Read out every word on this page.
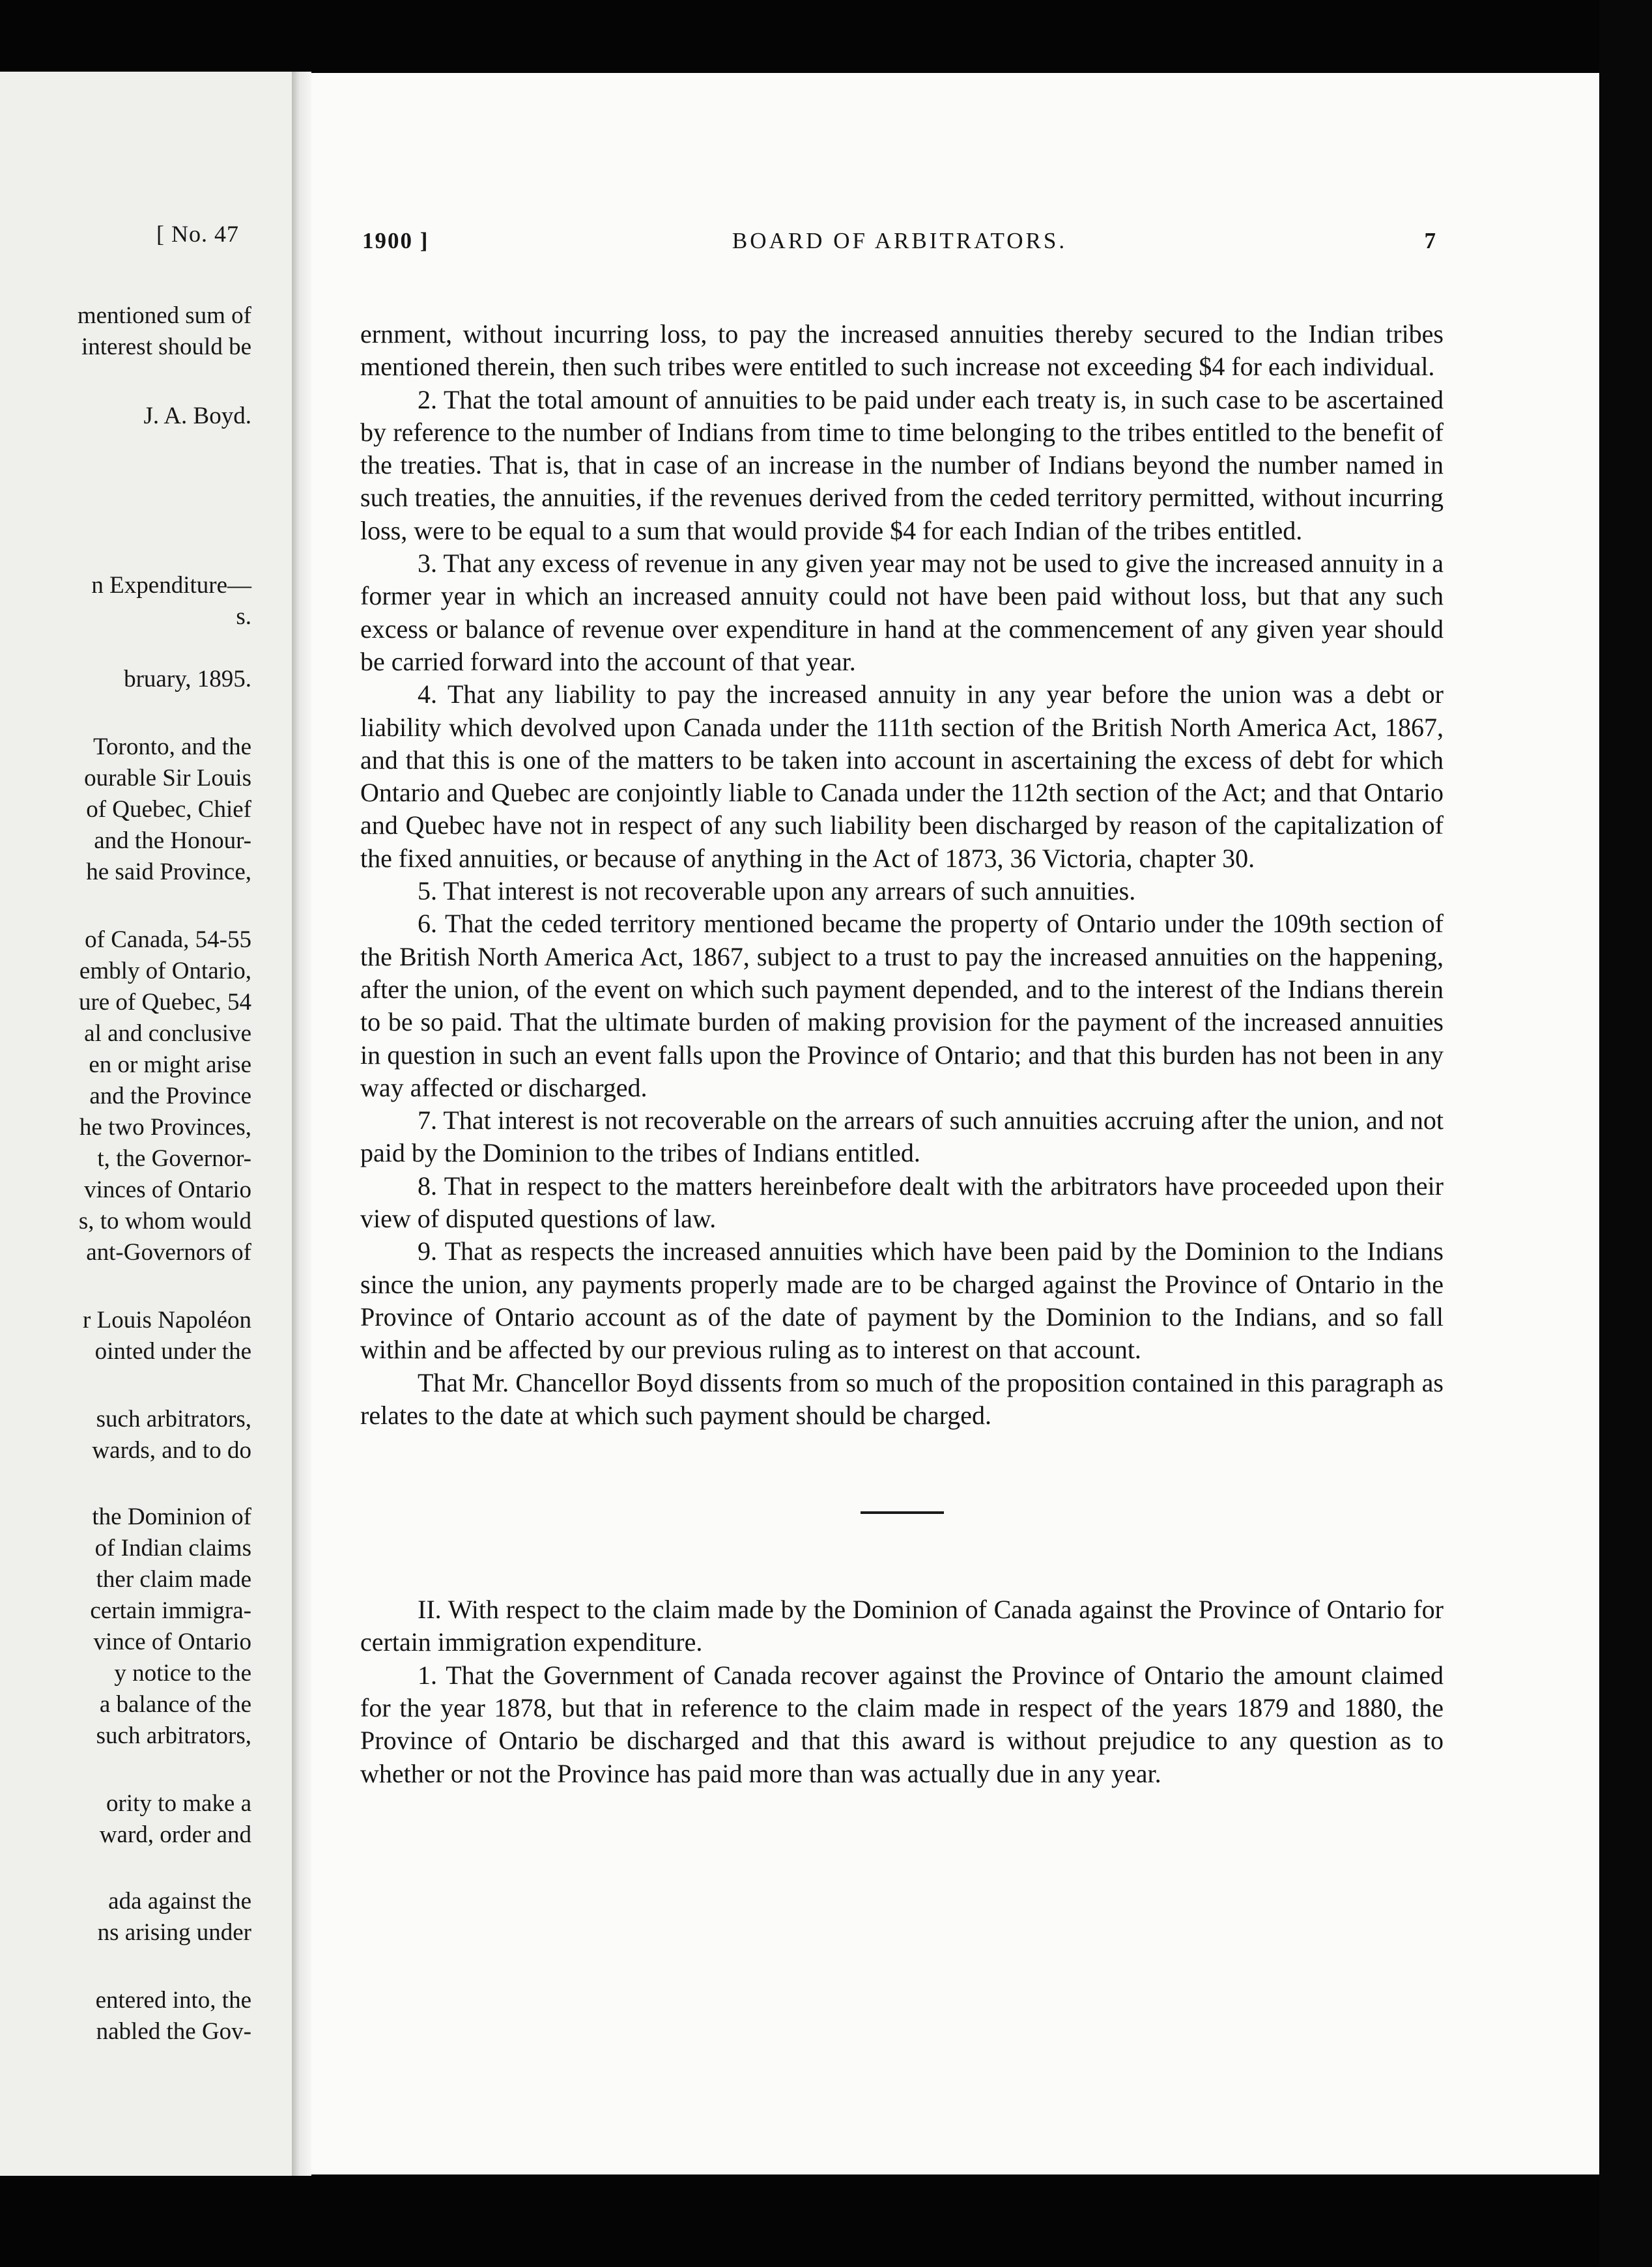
[ No. 47
mentioned sum of
interest should be
J. A. Boyd.
n Expenditure—
s.
bruary, 1895.
Toronto, and the
ourable Sir Louis
of Quebec, Chief
and the Honour-
he said Province,
of Canada, 54-55
embly of Ontario,
ure of Quebec, 54
al and conclusive
en or might arise
and the Province
he two Provinces,
t, the Governor-
vinces of Ontario
s, to whom would
ant-Governors of
r Louis Napoléon
ointed under the
such arbitrators,
wards, and to do
the Dominion of
of Indian claims
ther claim made
certain immigra-
vince of Ontario
y notice to the
a balance of the
such arbitrators,
ority to make a
ward, order and
ada against the
ns arising under
entered into, the
nabled the Gov-
1900 ]	BOARD OF ARBITRATORS.	7

ernment, without incurring loss, to pay the increased annuities thereby secured to the Indian tribes mentioned therein, then such tribes were entitled to such increase not exceeding $4 for each individual.

2. That the total amount of annuities to be paid under each treaty is, in such case to be ascertained by reference to the number of Indians from time to time belonging to the tribes entitled to the benefit of the treaties. That is, that in case of an increase in the number of Indians beyond the number named in such treaties, the annuities, if the revenues derived from the ceded territory permitted, without incurring loss, were to be equal to a sum that would provide $4 for each Indian of the tribes entitled.

3. That any excess of revenue in any given year may not be used to give the increased annuity in a former year in which an increased annuity could not have been paid without loss, but that any such excess or balance of revenue over expenditure in hand at the commencement of any given year should be carried forward into the account of that year.

4. That any liability to pay the increased annuity in any year before the union was a debt or liability which devolved upon Canada under the 111th section of the British North America Act, 1867, and that this is one of the matters to be taken into account in ascertaining the excess of debt for which Ontario and Quebec are conjointly liable to Canada under the 112th section of the Act; and that Ontario and Quebec have not in respect of any such liability been discharged by reason of the capitalization of the fixed annuities, or because of anything in the Act of 1873, 36 Victoria, chapter 30.

5. That interest is not recoverable upon any arrears of such annuities.

6. That the ceded territory mentioned became the property of Ontario under the 109th section of the British North America Act, 1867, subject to a trust to pay the increased annuities on the happening, after the union, of the event on which such payment depended, and to the interest of the Indians therein to be so paid. That the ultimate burden of making provision for the payment of the increased annuities in question in such an event falls upon the Province of Ontario; and that this burden has not been in any way affected or discharged.

7. That interest is not recoverable on the arrears of such annuities accruing after the union, and not paid by the Dominion to the tribes of Indians entitled.

8. That in respect to the matters hereinbefore dealt with the arbitrators have proceeded upon their view of disputed questions of law.

9. That as respects the increased annuities which have been paid by the Dominion to the Indians since the union, any payments properly made are to be charged against the Province of Ontario in the Province of Ontario account as of the date of payment by the Dominion to the Indians, and so fall within and be affected by our previous ruling as to interest on that account.

That Mr. Chancellor Boyd dissents from so much of the proposition contained in this paragraph as relates to the date at which such payment should be charged.

II. With respect to the claim made by the Dominion of Canada against the Province of Ontario for certain immigration expenditure.

1. That the Government of Canada recover against the Province of Ontario the amount claimed for the year 1878, but that in reference to the claim made in respect of the years 1879 and 1880, the Province of Ontario be discharged and that this award is without prejudice to any question as to whether or not the Province has paid more than was actually due in any year.
